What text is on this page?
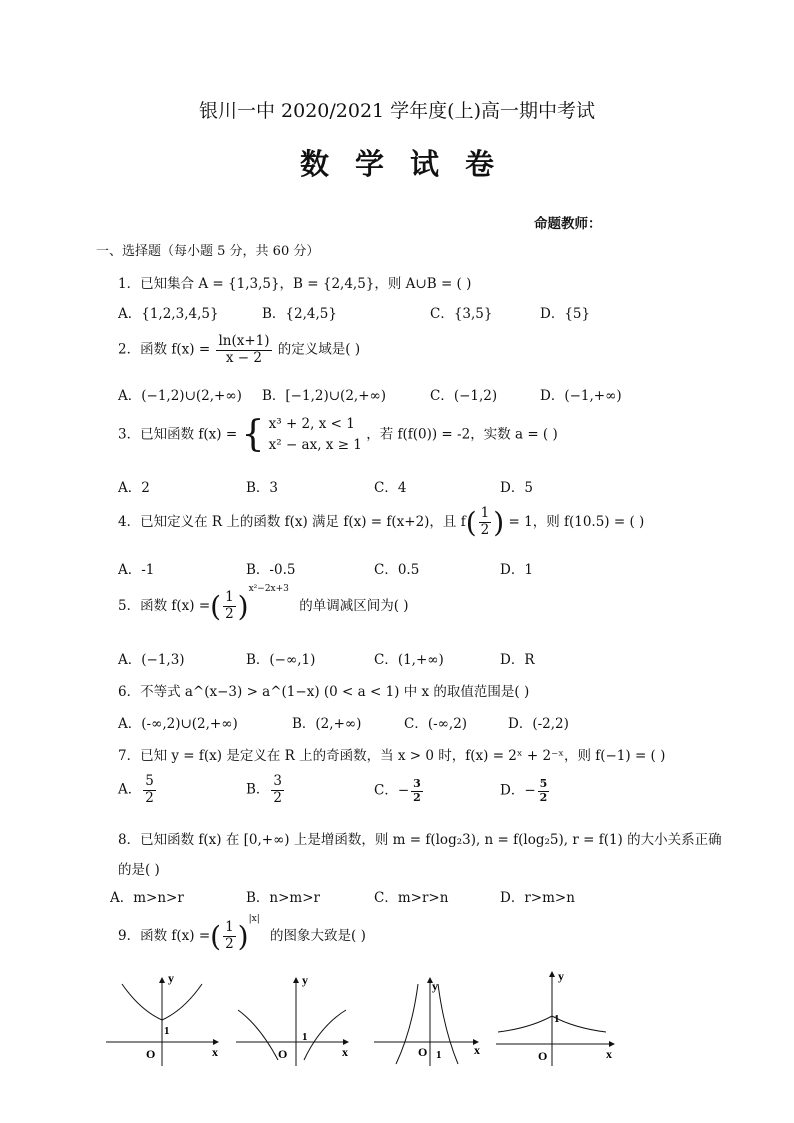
银川一中 2020/2021 学年度(上)高一期中考试
数学试卷
命题教师：
一、选择题（每小题 5 分，共 60 分）
1．已知集合 A = {1,3,5}，B = {2,4,5}，则 A∪B = ( )
A．{1,2,3,4,5}	B．{2,4,5}	C．{3,5}	D．{5}
2．函数 $f(x) = \frac{\ln(x+1)}{x - 2}$ 的定义域是( )
A．(−1,2)∪(2,+∞) B．[−1,2)∪(2,+∞)	C．(−1,2)	D．(−1,+∞)
3．已知函数 f(x) = { x³ + 2, x < 1
x² − ax, x ≥ 1
，若 f(f(0)) = -2，实数 a = ( )
A．2	B．3	C．4	D．5
4．已知定义在 R 上的函数 f(x) 满足 f(x) = f(x+2)，且 $f( \frac{1}{2}$ ) = 1，则 f(10.5) = ( )
A．-1	B．-0.5	C．0.5	D．1
5．函数 f(x) =( $\frac{1}{2} )^{x^2-2x+3}$ 的单调减区间为( )
A．(−1,3)	B．(−∞,1)	C．(1,+∞)	D．R
6．不等式 a^(x−3) > a^(1−x) (0 < a < 1) 中 x 的取值范围是( )
A．(-∞,2)∪(2,+∞)	B．(2,+∞)	C．(-∞,2)	D．(-2,2)
7．已知 y = f(x) 是定义在 R 上的奇函数，当 x > 0 时，f(x) = 2ˣ + 2⁻ˣ，则 f(−1) = ( )
A． $\frac{5}{2}$	B． $\frac{3}{2}$	C．− $\frac{3}{2}$	D．− $\frac{5}{2}$
8．已知函数 f(x) 在 [0,+∞) 上是增函数，则 m = f(log₂3), n = f(log₂5), r = f(1) 的大小关系正确
的是( )
A．m>n>r	B．n>m>r	C．m>r>n	D．r>m>n
9．函数 f(x) =( $\frac{1}{2} )^{|x|}$ 的图象大致是( )
y
x
O
1
y
x
O
1
y
x
O 1
y
x
O
1
